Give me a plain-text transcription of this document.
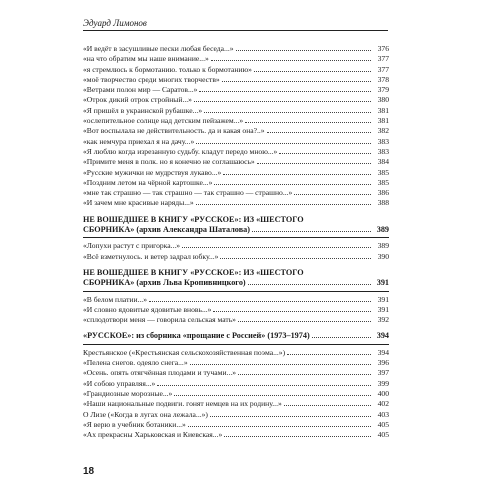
Эдуард Лимонов
«И ведёт в засушливые пески любая беседа...»	376
«на что обратим мы наше внимание...»	377
«я стремлюсь к бормотанию. только к бормотанию»	377
«моё творчество среди многих творчеств»	378
«Ветрами полон мир — Саратов...»	379
«Отрок дикий отрок стройный...»	380
«Я пришёл в украинской рубашке...»	381
«ослепительное солнце над детским пейзажем...»	381
«Вот воспылала не действительность. да и какая она?..»	382
«как немчура приехал я на дачу...»	383
«Я люблю когда изрезанную судьбу. кладут передо мною...»	383
«Примите меня в полк. но я конечно не соглашаюсь»	384
«Русские мужички не мудрствуя лукаво...»	385
«Поздним летом на чёрной картошке...»	385
«мне так страшно — так страшно — так страшно — страшно...»	386
«И зачем мне красивые наряды...»	388
НЕ ВОШЕДШЕЕ В КНИГУ «РУССКОЕ»: ИЗ «ШЕСТОГО
СБОРНИКА» (архив Александра Шаталова)	389
«Лопухи растут с пригорка...»	389
«Всё взметнулось. и ветер задрал юбку...»	390
НЕ ВОШЕДШЕЕ В КНИГУ «РУССКОЕ»: ИЗ «ШЕСТОГО
СБОРНИКА» (архив Льва Кропивницкого)	391
«В белом платии...»	391
«И словно ядовитые ядовитые вновь...»	391
«сплодотвори меня — говорила сельская мать»	392
«РУССКОЕ»: из сборника «прощание с Россией» (1973–1974)	394
Крестьянское («Крестьянская сельскохозяйственная поэма...»)	394
«Пелена снегов. одеяло снега...»	396
«Осень. опять отягчённая плодами и тучами...»	397
«И собою управляя...»	399
«Грандиозные морозные...»	400
«Наши национальные подвиги. гонят немцев на их родину...»	402
О Лизе («Когда в лугах она лежала...»)	403
«Я верю в учебник ботаники...»	405
«Ах прекрасны Харьковская и Киевская...»	405
18
